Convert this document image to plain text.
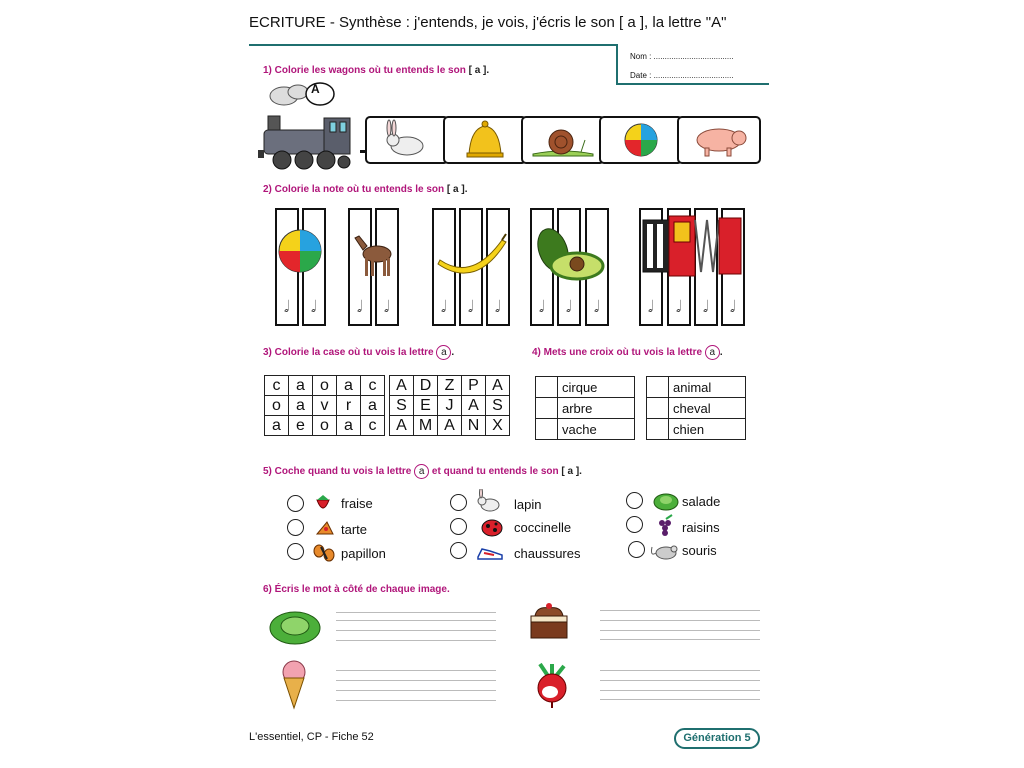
ECRITURE - Synthèse : j'entends, je vois, j'écris le son [ a ], la lettre "A"
Nom : ....................................
Date : ....................................
1) Colorie les wagons où tu entends le son [ a ].
A
2) Colorie la note où tu entends le son [ a ].
𝅗𝅥 𝅗𝅥	𝅗𝅥 𝅗𝅥	𝅗𝅥 𝅗𝅥 𝅗𝅥 𝅗𝅥 𝅗𝅥 𝅗𝅥	𝅗𝅥 𝅗𝅥 𝅗𝅥 𝅗𝅥
3) Colorie la case où tu vois la lettre a .
c	a	o	a	c
o	a	v	r	a
a	e	o	a	c
A	D	Z	P	A
S	E	J	A	S
A	M	A	N	X
4) Mets une croix où tu vois la lettre a .
	cirque
	arbre
	vache
	animal
	cheval
	chien
5) Coche quand tu vois la lettre a et quand tu entends le son [ a ].
fraise
tarte
papillon
lapin
coccinelle
chaussures
salade
raisins
souris
6) Écris le mot à côté de chaque image.
L'essentiel, CP - Fiche 52	Génération 5
